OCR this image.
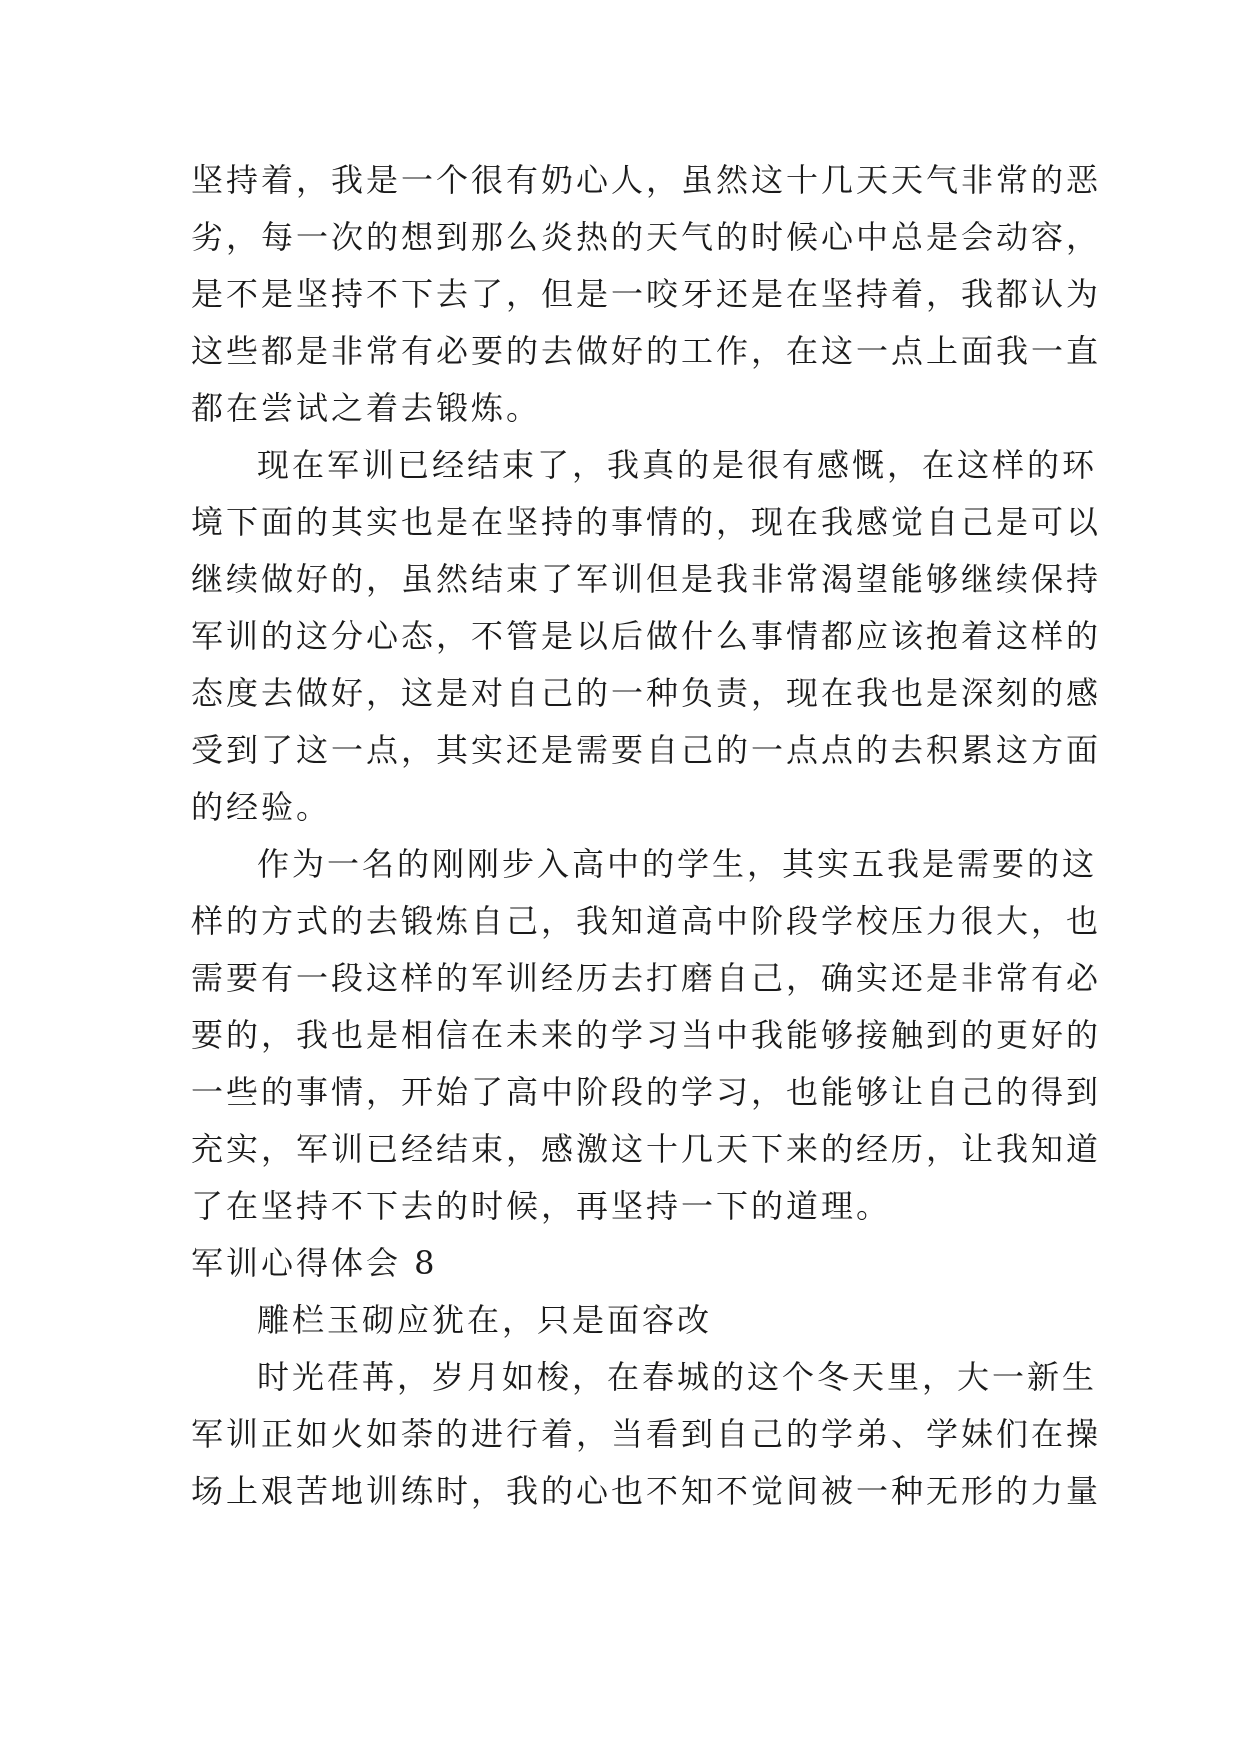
坚持着，我是一个很有奶心人，虽然这十几天天气非常的恶
劣，每一次的想到那么炎热的天气的时候心中总是会动容，
是不是坚持不下去了，但是一咬牙还是在坚持着，我都认为
这些都是非常有必要的去做好的工作，在这一点上面我一直
都在尝试之着去锻炼。
现在军训已经结束了，我真的是很有感慨，在这样的环
境下面的其实也是在坚持的事情的，现在我感觉自己是可以
继续做好的，虽然结束了军训但是我非常渴望能够继续保持
军训的这分心态，不管是以后做什么事情都应该抱着这样的
态度去做好，这是对自己的一种负责，现在我也是深刻的感
受到了这一点，其实还是需要自己的一点点的去积累这方面
的经验。
作为一名的刚刚步入高中的学生，其实五我是需要的这
样的方式的去锻炼自己，我知道高中阶段学校压力很大，也
需要有一段这样的军训经历去打磨自己，确实还是非常有必
要的，我也是相信在未来的学习当中我能够接触到的更好的
一些的事情，开始了高中阶段的学习，也能够让自己的得到
充实，军训已经结束，感激这十几天下来的经历，让我知道
了在坚持不下去的时候，再坚持一下的道理。
军训心得体会 8
雕栏玉砌应犹在，只是面容改
时光荏苒，岁月如梭，在春城的这个冬天里，大一新生
军训正如火如荼的进行着，当看到自己的学弟、学妹们在操
场上艰苦地训练时，我的心也不知不觉间被一种无形的力量
